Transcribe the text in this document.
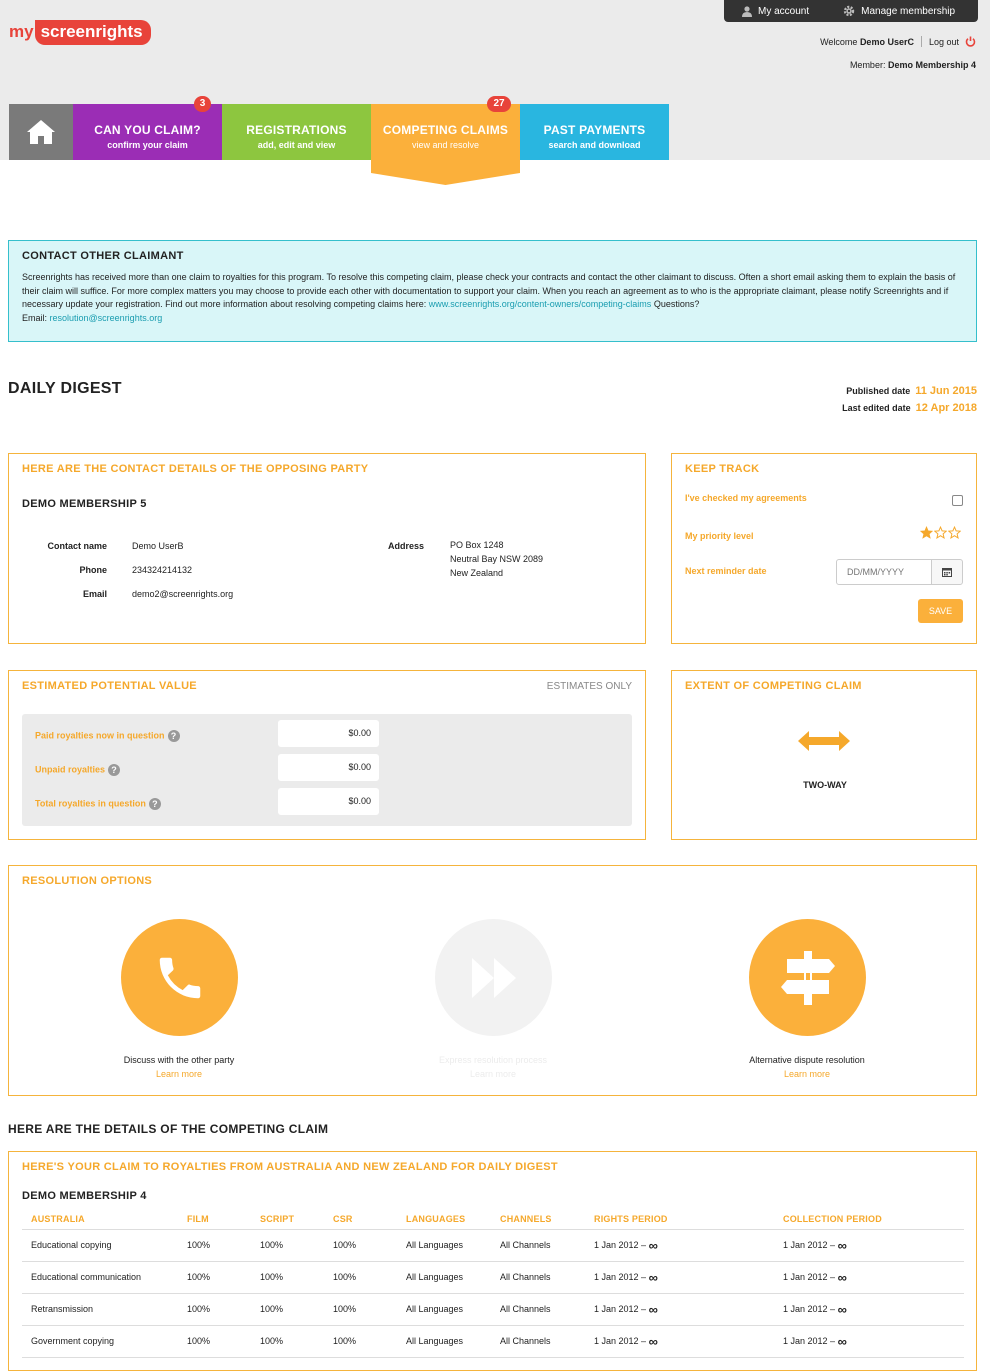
my screenrights
My account	Manage membership
Welcome
Demo UserC Log out
Member: Demo Membership 4
CAN YOU CLAIM?
confirm your claim
3
REGISTRATIONS
add, edit and view
COMPETING CLAIMS
view and resolve
27
PAST PAYMENTS
search and download
CONTACT OTHER CLAIMANT

Screenrights has received more than one claim to royalties for this program. To resolve this competing claim, please check your contracts and contact the other claimant to discuss. Often a short email asking them to explain the basis of their claim will suffice. For more complex matters you may choose to provide each other with documentation to support your claim. When you reach an agreement as to who is the appropriate claimant, please notify Screenrights and if necessary update your registration. Find out more information about resolving competing claims here: www.screenrights.org/content-owners/competing-claims Questions?
Email: resolution@screenrights.org

DAILY DIGEST	Published date 11 Jun 2015
Last edited date 12 Apr 2018
HERE ARE THE CONTACT DETAILS OF THE OPPOSING PARTY
DEMO MEMBERSHIP 5
Contact name	Demo UserB
Phone	234324214132
Email	demo2@screenrights.org
Address	PO Box 1248
Neutral Bay NSW 2089
New Zealand
KEEP TRACK
I've checked my agreements
My priority level
Next reminder date
DD/MM/YYYY
SAVE
ESTIMATED POTENTIAL VALUE	ESTIMATES ONLY
Paid royalties now in question ?	$0.00
Unpaid royalties ?	$0.00
Total royalties in question ?	$0.00
EXTENT OF COMPETING CLAIM
TWO-WAY
RESOLUTION OPTIONS
Discuss with the other party
Learn more
Express resolution process
Learn more
Alternative dispute resolution
Learn more
HERE ARE THE DETAILS OF THE COMPETING CLAIM
HERE'S YOUR CLAIM TO ROYALTIES FROM AUSTRALIA AND NEW ZEALAND FOR DAILY DIGEST
DEMO MEMBERSHIP 4
AUSTRALIA	FILM	SCRIPT	CSR	LANGUAGES	CHANNELS	RIGHTS PERIOD	COLLECTION PERIOD
Educational copying	100%	100%	100%	All Languages	All Channels	1 Jan 2012 – ∞	1 Jan 2012 – ∞
Educational communication	100%	100%	100%	All Languages	All Channels	1 Jan 2012 – ∞	1 Jan 2012 – ∞
Retransmission	100%	100%	100%	All Languages	All Channels	1 Jan 2012 – ∞	1 Jan 2012 – ∞
Government copying	100%	100%	100%	All Languages	All Channels	1 Jan 2012 – ∞	1 Jan 2012 – ∞
